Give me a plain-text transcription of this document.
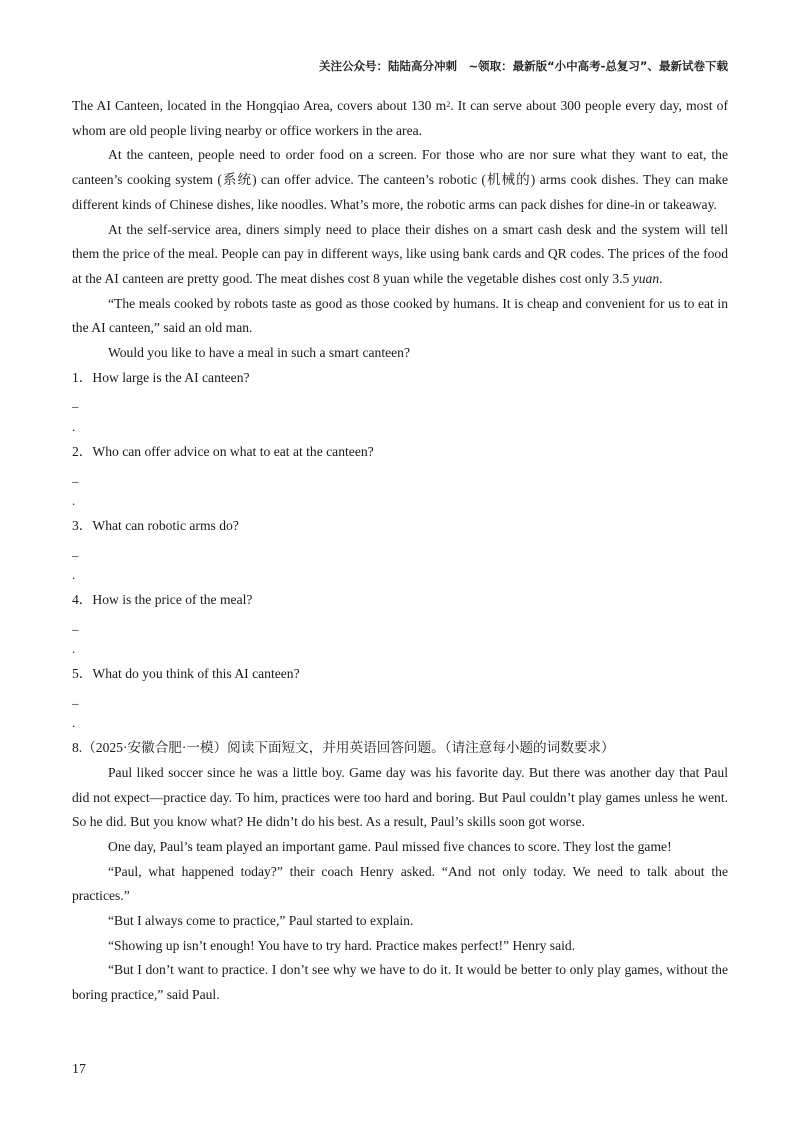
关注公众号：陆陆高分冲刺　~领取：最新版“小中高考-总复习”、最新试卷下载

The AI Canteen, located in the Hongqiao Area, covers about 130 $m^2$. It can serve about 300 people every day, most of whom are old people living nearby or office workers in the area.

At the canteen, people need to order food on a screen. For those who are nor sure what they want to eat, the canteen’s cooking system (系统) can offer advice. The canteen’s robotic (机械的) arms cook dishes. They can make different kinds of Chinese dishes, like noodles. What’s more, the robotic arms can pack dishes for dine-in or takeaway.

At the self-service area, diners simply need to place their dishes on a smart cash desk and the system will tell them the price of the meal. People can pay in different ways, like using bank cards and QR codes. The prices of the food at the AI canteen are pretty good. The meat dishes cost 8 yuan while the vegetable dishes cost only 3.5 yuan.

“The meals cooked by robots taste as good as those cooked by humans. It is cheap and convenient for us to eat in the AI canteen,” said an old man.

Would you like to have a meal in such a smart canteen?

1．How large is the AI canteen?

_
.

2．Who can offer advice on what to eat at the canteen?

_
.

3．What can robotic arms do?

_
.

4．How is the price of the meal?

_
.

5．What do you think of this AI canteen?

_
.

8.（2025·安徽合肥·一模）阅读下面短文，并用英语回答问题。（请注意每小题的词数要求）

Paul liked soccer since he was a little boy. Game day was his favorite day. But there was another day that Paul did not expect—practice day. To him, practices were too hard and boring. But Paul couldn’t play games unless he went. So he did. But you know what? He didn’t do his best. As a result, Paul’s skills soon got worse.

One day, Paul’s team played an important game. Paul missed five chances to score. They lost the game!

“Paul, what happened today?” their coach Henry asked. “And not only today. We need to talk about the practices.”

“But I always come to practice,” Paul started to explain.

“Showing up isn’t enough! You have to try hard. Practice makes perfect!” Henry said.

“But I don’t want to practice. I don’t see why we have to do it. It would be better to only play games, without the boring practice,” said Paul.

17
